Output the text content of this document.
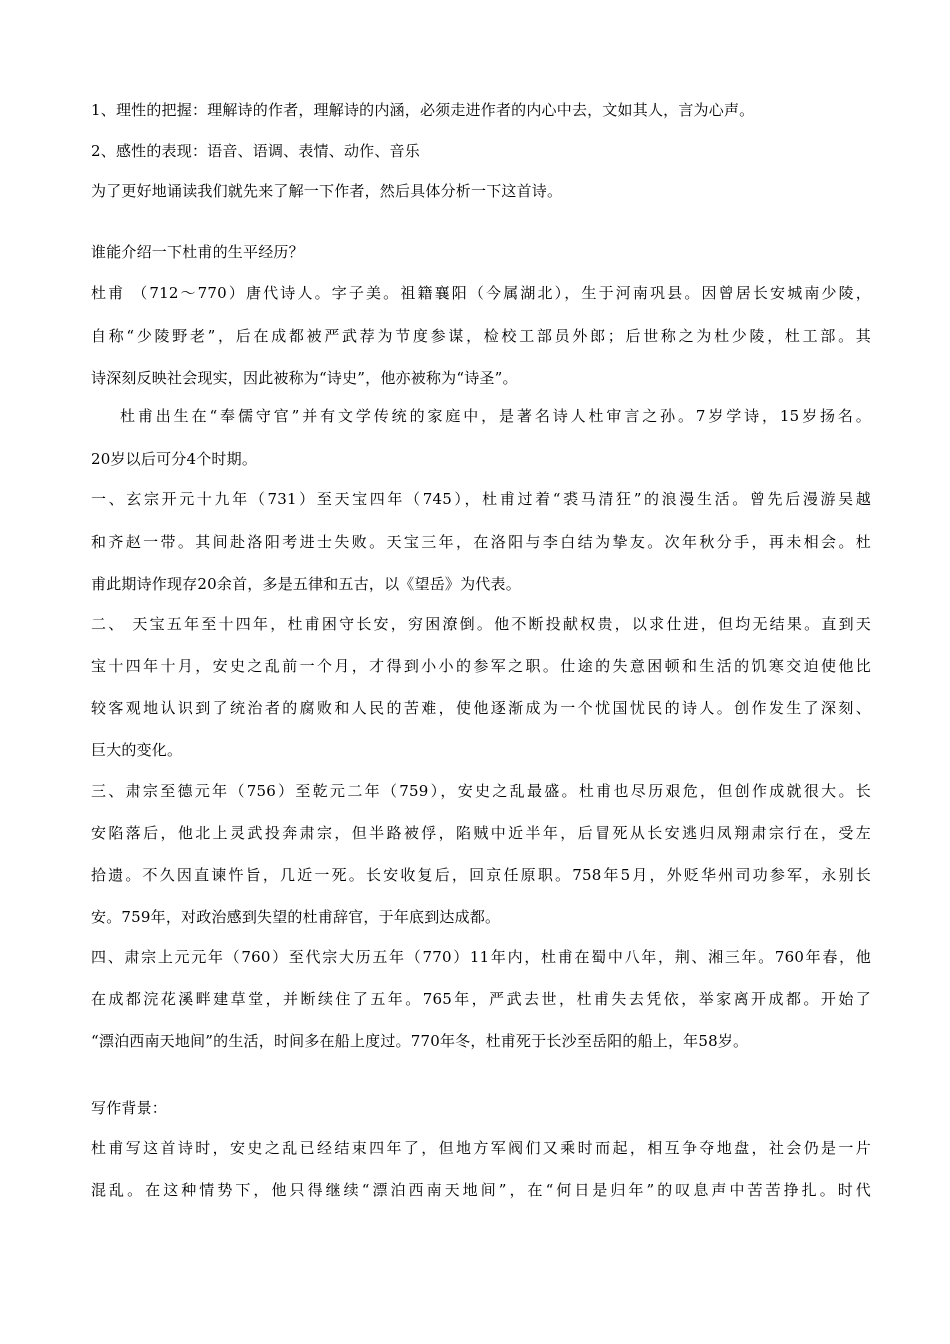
1、理性的把握：理解诗的作者，理解诗的内涵，必须走进作者的内心中去，文如其人，言为心声。
2、感性的表现：语音、语调、表情、动作、音乐
为了更好地诵读我们就先来了解一下作者，然后具体分析一下这首诗。
谁能介绍一下杜甫的生平经历？
杜甫 （712～770）唐代诗人。字子美。祖籍襄阳（今属湖北），生于河南巩县。因曾居长安城南少陵，
自称“少陵野老”，后在成都被严武荐为节度参谋，检校工部员外郎；后世称之为杜少陵，杜工部。其
诗深刻反映社会现实，因此被称为“诗史”，他亦被称为“诗圣”。
杜甫出生在“奉儒守官”并有文学传统的家庭中，是著名诗人杜审言之孙。7岁学诗，15岁扬名。
20岁以后可分4个时期。
一、玄宗开元十九年（731）至天宝四年（745），杜甫过着“裘马清狂”的浪漫生活。曾先后漫游吴越
和齐赵一带。其间赴洛阳考进士失败。天宝三年，在洛阳与李白结为挚友。次年秋分手，再未相会。杜
甫此期诗作现存20余首，多是五律和五古，以《望岳》为代表。
二、 天宝五年至十四年，杜甫困守长安，穷困潦倒。他不断投献权贵，以求仕进，但均无结果。直到天
宝十四年十月，安史之乱前一个月，才得到小小的参军之职。仕途的失意困顿和生活的饥寒交迫使他比
较客观地认识到了统治者的腐败和人民的苦难，使他逐渐成为一个忧国忧民的诗人。创作发生了深刻、
巨大的变化。
三、肃宗至德元年（756）至乾元二年（759），安史之乱最盛。杜甫也尽历艰危，但创作成就很大。长
安陷落后，他北上灵武投奔肃宗，但半路被俘，陷贼中近半年，后冒死从长安逃归凤翔肃宗行在，受左
拾遗。不久因直谏忤旨，几近一死。长安收复后，回京任原职。758年5月，外贬华州司功参军，永别长
安。759年，对政治感到失望的杜甫辞官，于年底到达成都。
四、肃宗上元元年（760）至代宗大历五年（770）11年内，杜甫在蜀中八年，荆、湘三年。760年春，他
在成都浣花溪畔建草堂，并断续住了五年。765年，严武去世，杜甫失去凭依，举家离开成都。开始了
“漂泊西南天地间”的生活，时间多在船上度过。770年冬，杜甫死于长沙至岳阳的船上，年58岁。
写作背景：
杜甫写这首诗时，安史之乱已经结束四年了，但地方军阀们又乘时而起，相互争夺地盘，社会仍是一片
混乱。在这种情势下，他只得继续“漂泊西南天地间”，在“何日是归年”的叹息声中苦苦挣扎。时代
